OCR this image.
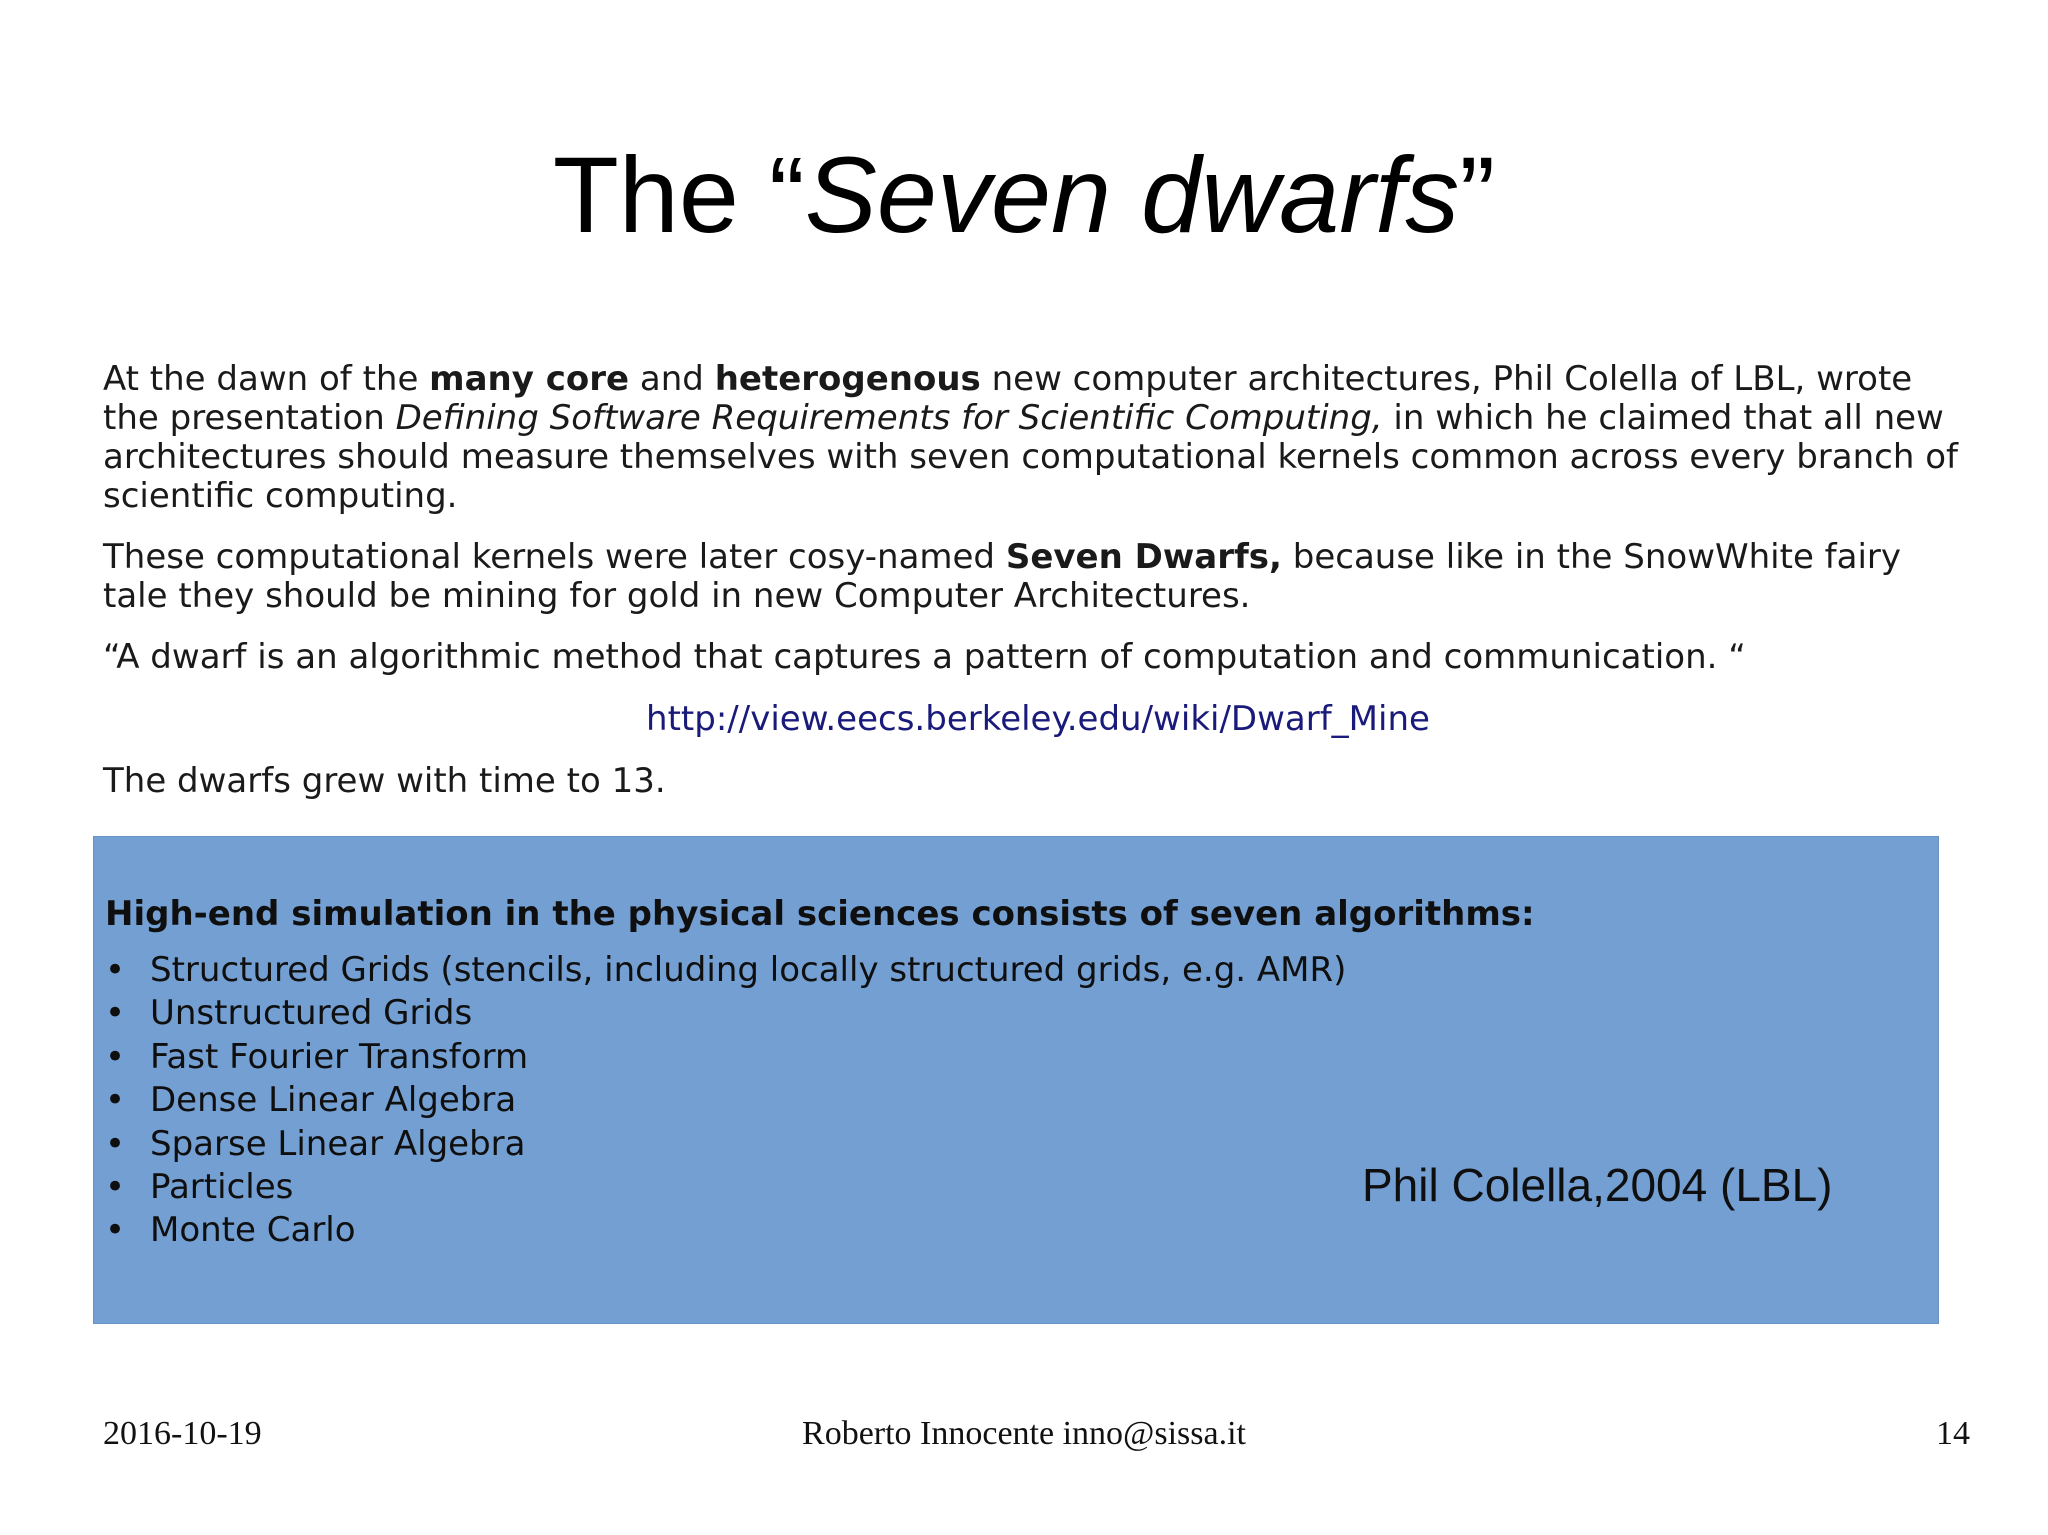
The “Seven dwarfs”

At the dawn of the many core and heterogenous new computer architectures, Phil Colella of LBL, wrote the presentation Defining Software Requirements for Scientific Computing, in which he claimed that all new architectures should measure themselves with seven computational kernels common across every branch of scientific computing.

These computational kernels were later cosy-named Seven Dwarfs, because like in the SnowWhite fairy tale they should be mining for gold in new Computer Architectures.

“A dwarf is an algorithmic method that captures a pattern of computation and communication. “

http://view.eecs.berkeley.edu/wiki/Dwarf_Mine

The dwarfs grew with time to 13.

High-end simulation in the physical sciences consists of seven algorithms:
• Structured Grids (stencils, including locally structured grids, e.g. AMR)
• Unstructured Grids
• Fast Fourier Transform
• Dense Linear Algebra
• Sparse Linear Algebra
• Particles
• Monte Carlo
Phil Colella,2004 (LBL)
Roberto Innocente inno@sissa.it
2016-10-19	14
